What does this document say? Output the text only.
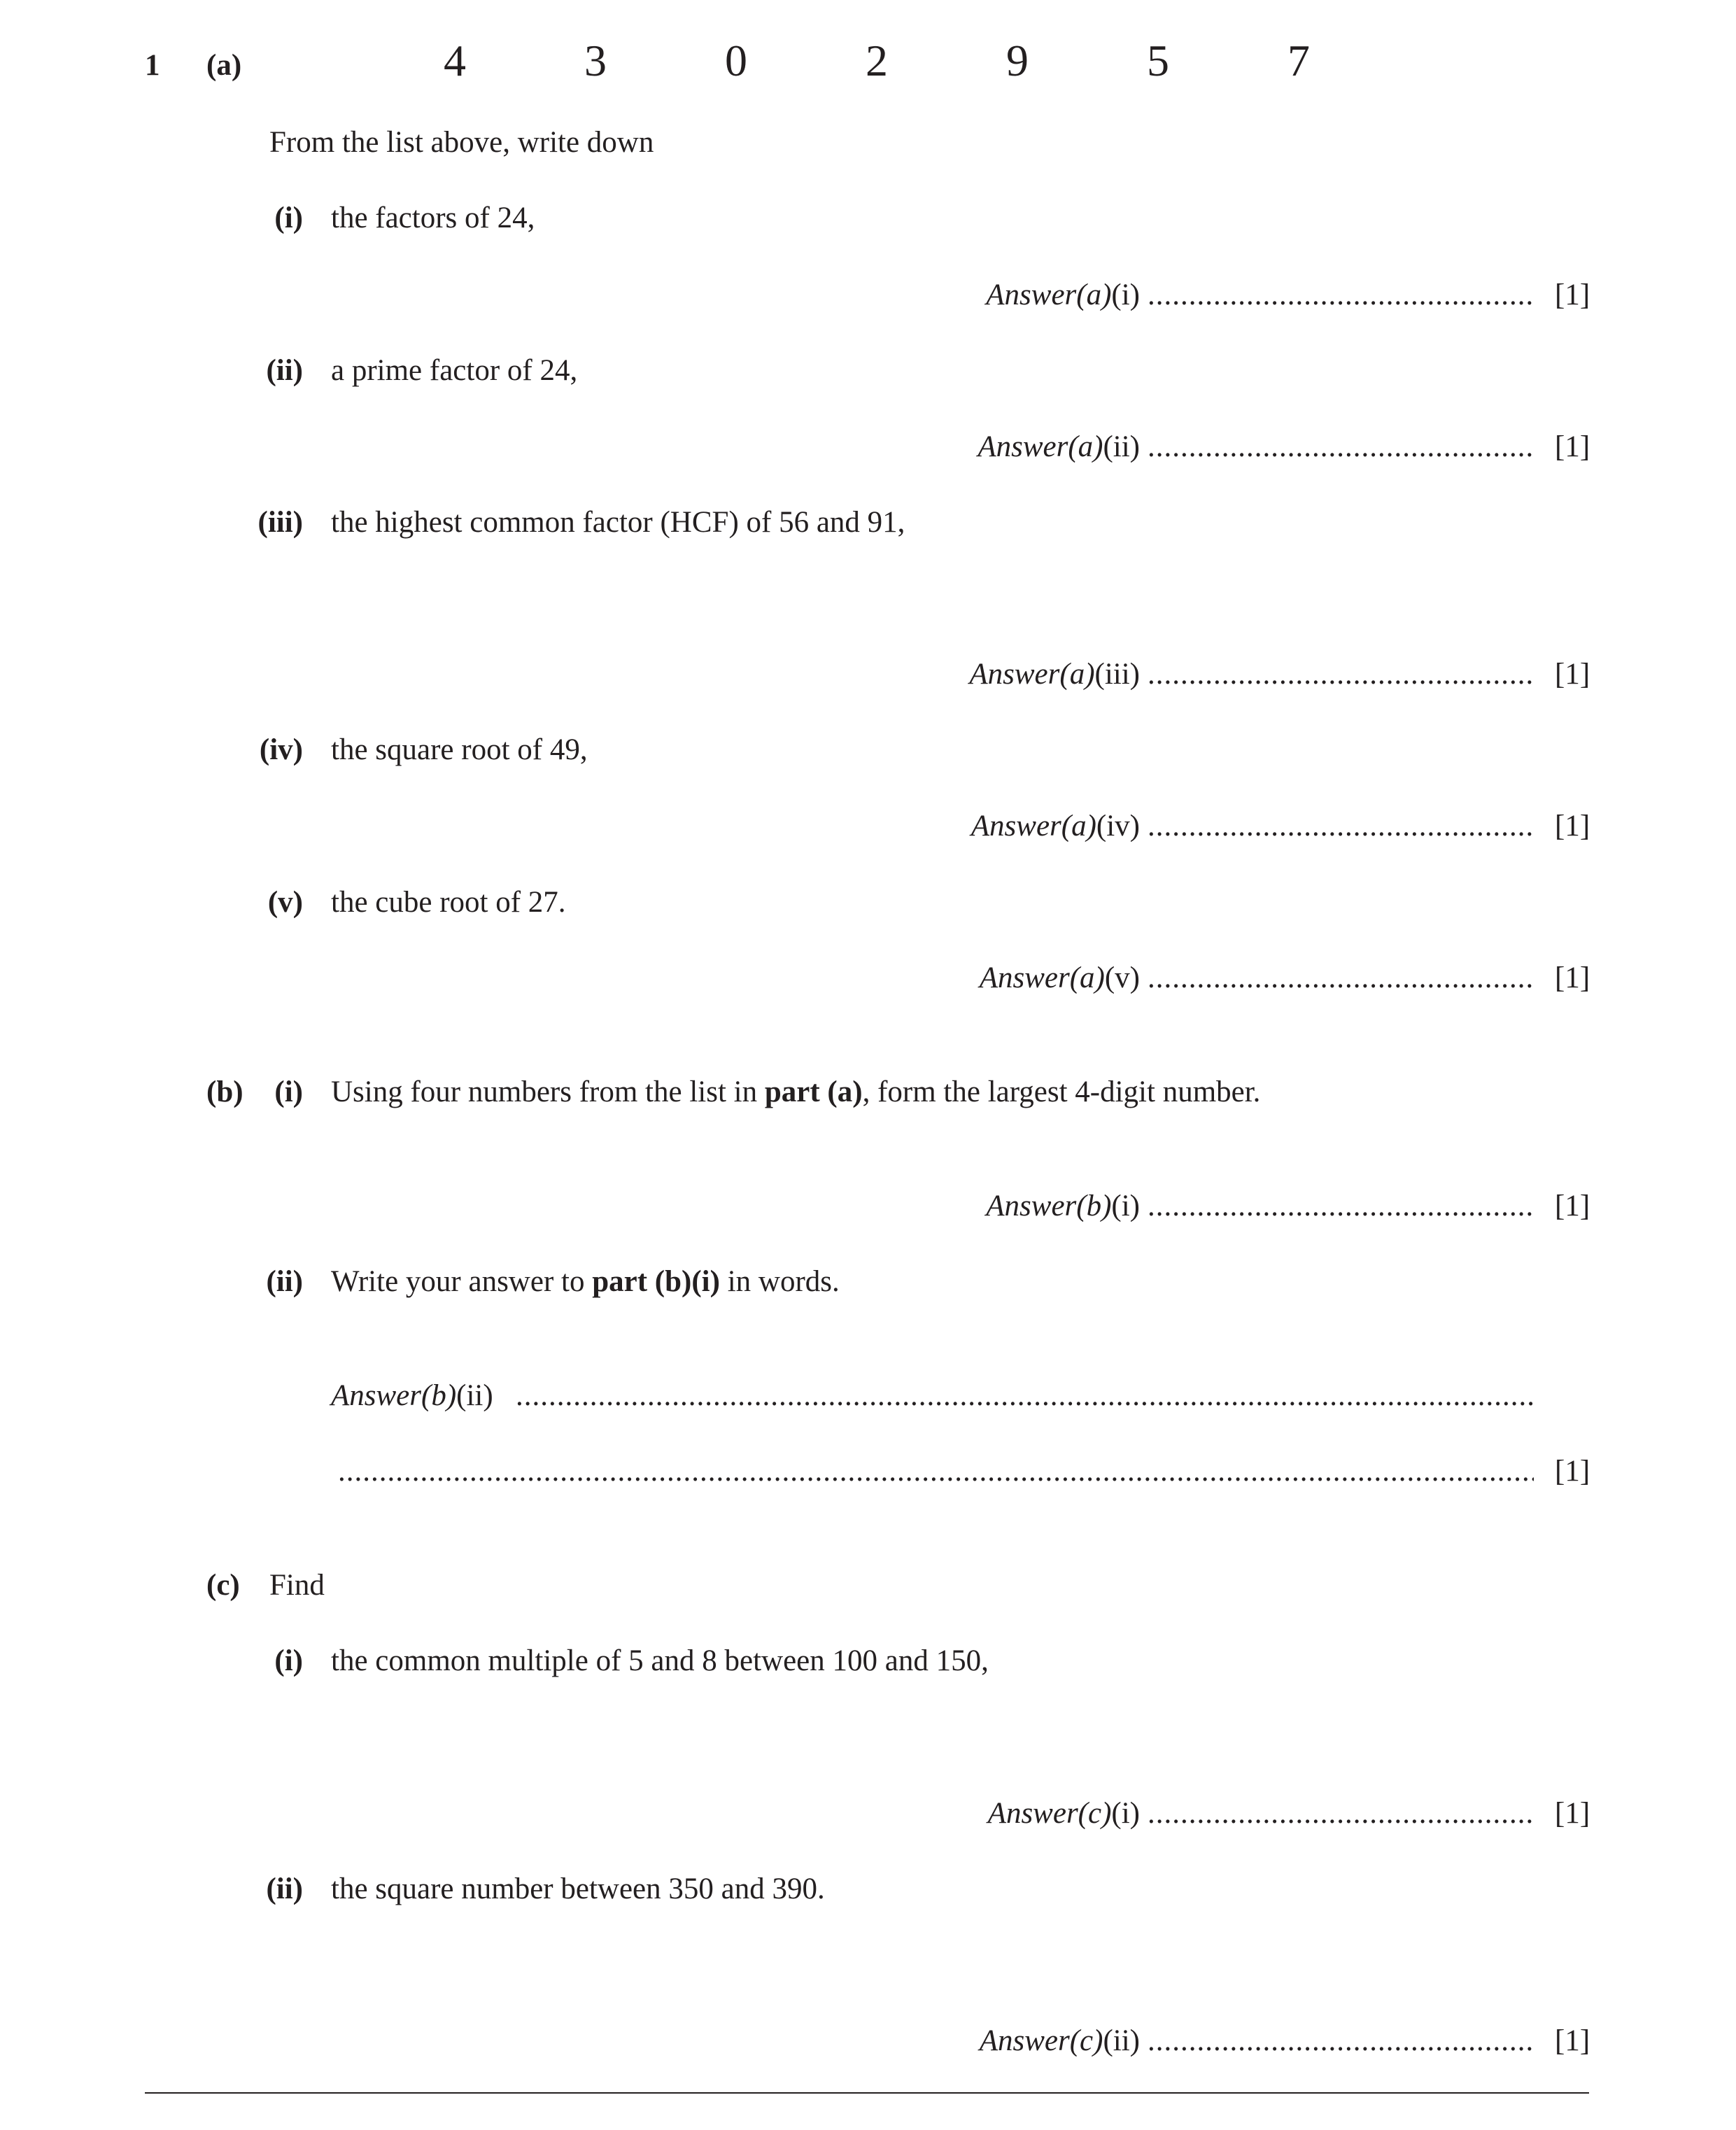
1 (a)	4	3	0	2	9	5	7
From the list above, write down
(i) the factors of 24,
Answer(a)(i) .....	[1]
(ii) a prime factor of 24,
Answer(a)(ii) .....	[1]
(iii) the highest common factor (HCF) of 56 and 91,
Answer(a)(iii) .....	[1]
(iv) the square root of 49,
Answer(a)(iv) .....	[1]
(v) the cube root of 27.
Answer(a)(v) .....	[1]
(b) (i) Using four numbers from the list in part (a), form the largest 4-digit number.
Answer(b)(i) .....	[1]
(ii) Write your answer to part (b)(i) in words.
Answer(b)(ii)
.....
.....
[1]
(c) Find
(i) the common multiple of 5 and 8 between 100 and 150,
Answer(c)(i) .....	[1]
(ii) the square number between 350 and 390.
Answer(c)(ii) .....	[1]
